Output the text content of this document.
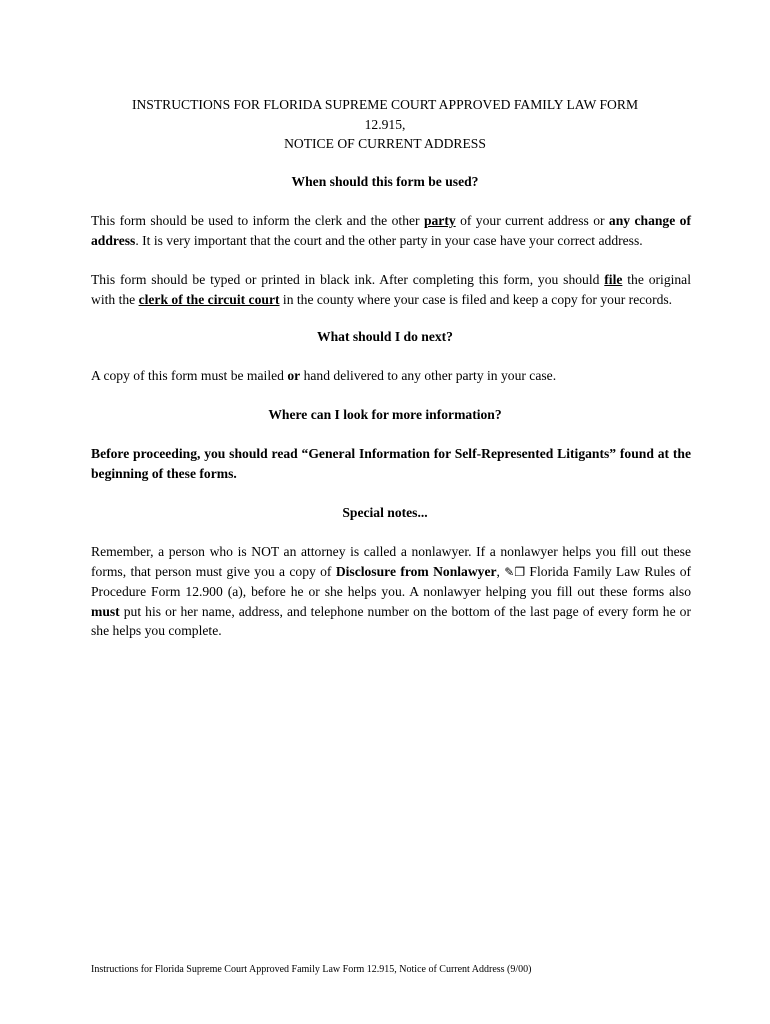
INSTRUCTIONS FOR FLORIDA SUPREME COURT APPROVED FAMILY LAW FORM
12.915,
NOTICE OF CURRENT ADDRESS
When should this form be used?
This form should be used to inform the clerk and the other party of your current address or any change of address. It is very important that the court and the other party in your case have your correct address.
This form should be typed or printed in black ink. After completing this form, you should file the original with the clerk of the circuit court in the county where your case is filed and keep a copy for your records.
What should I do next?
A copy of this form must be mailed or hand delivered to any other party in your case.
Where can I look for more information?
Before proceeding, you should read “General Information for Self-Represented Litigants” found at the beginning of these forms.
Special notes...
Remember, a person who is NOT an attorney is called a nonlawyer. If a nonlawyer helps you fill out these forms, that person must give you a copy of Disclosure from Nonlawyer, ✎❐ Florida Family Law Rules of Procedure Form 12.900 (a), before he or she helps you. A nonlawyer helping you fill out these forms also must put his or her name, address, and telephone number on the bottom of the last page of every form he or she helps you complete.
Instructions for Florida Supreme Court Approved Family Law Form 12.915, Notice of Current Address (9/00)
